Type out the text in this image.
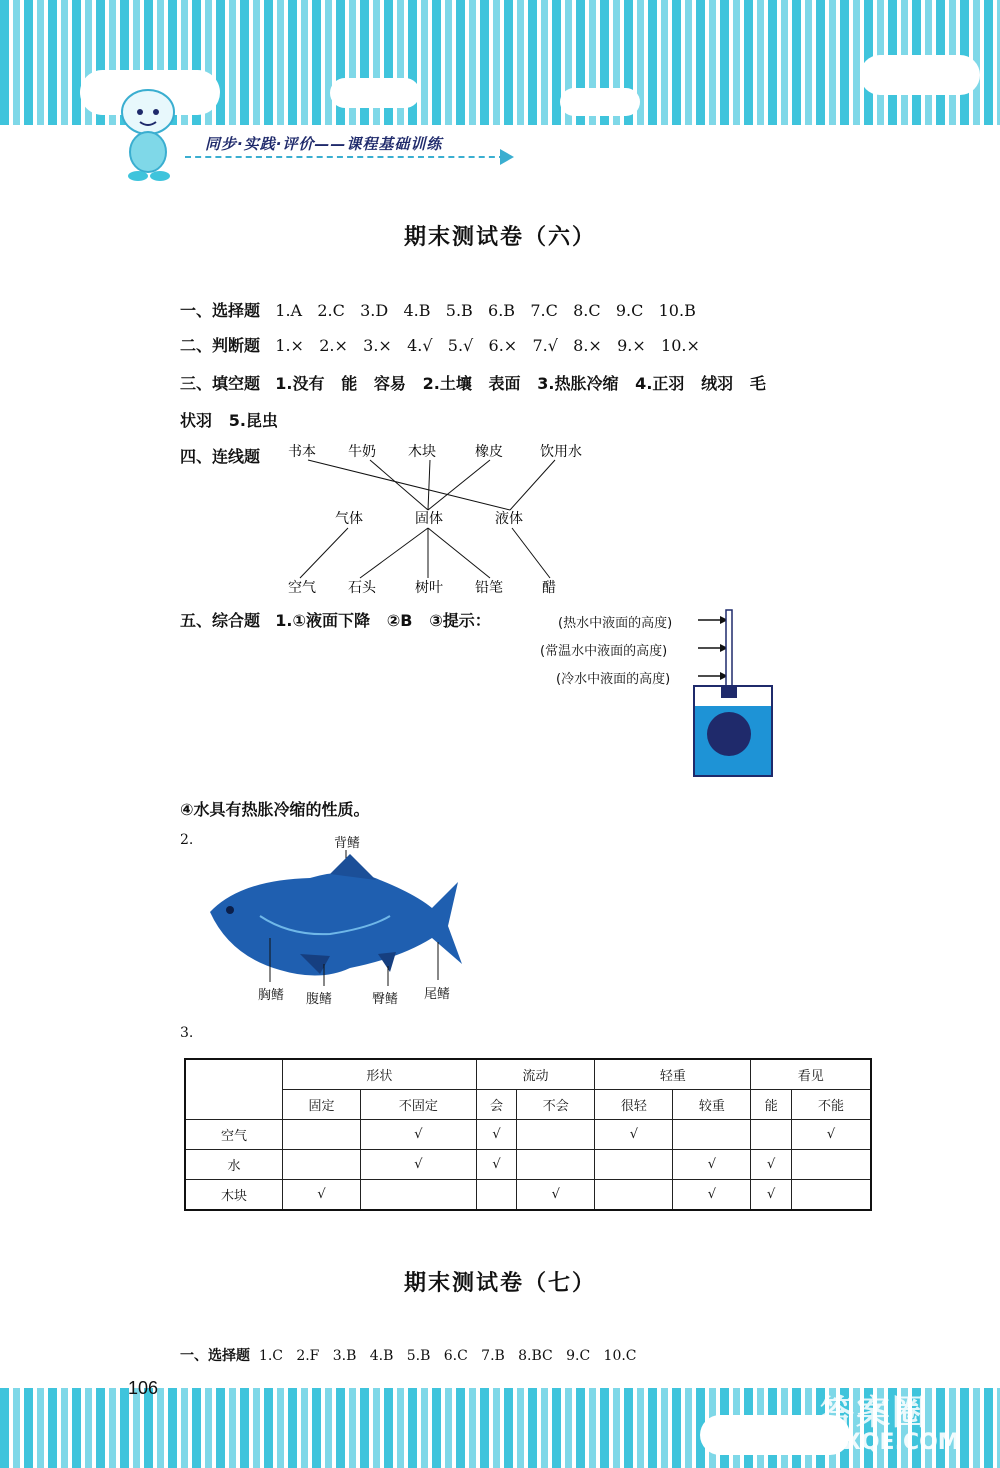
同步·实践·评价——课程基础训练
期末测试卷（六）
一、选择题 1.A   2.C   3.D   4.B   5.B   6.B   7.C   8.C   9.C   10.B
二、判断题 1.×   2.×   3.×   4.√   5.√   6.×   7.√   8.×   9.×   10.×
三、填空题 1.没有   能   容易   2.土壤   表面   3.热胀冷缩   4.正羽   绒羽   毛
状羽   5.昆虫
四、连线题 书本 牛奶 木块	橡皮	饮用水
气体	固体	液体
空气 石头	树叶 铅笔	醋
五、综合题 1.①液面下降   ②B   ③提示：	(热水中液面的高度)
(常温水中液面的高度)
(冷水中液面的高度)
④水具有热胀冷缩的性质。
2.	背鳍
胸鳍 腹鳍	臀鳍 尾鳍
3.
	形状		流动		轻重		看见	
	固定	不固定	会	不会	很轻	较重	能	不能
空气		√	√		√			√
水		√	√			√	√	
木块	√			√		√	√	
期末测试卷（七）
一、选择题 1.C   2.F   3.B   4.B   5.B   6.C   7.B   8.BC   9.C   10.C
106
答案圈
MXQE.COM
